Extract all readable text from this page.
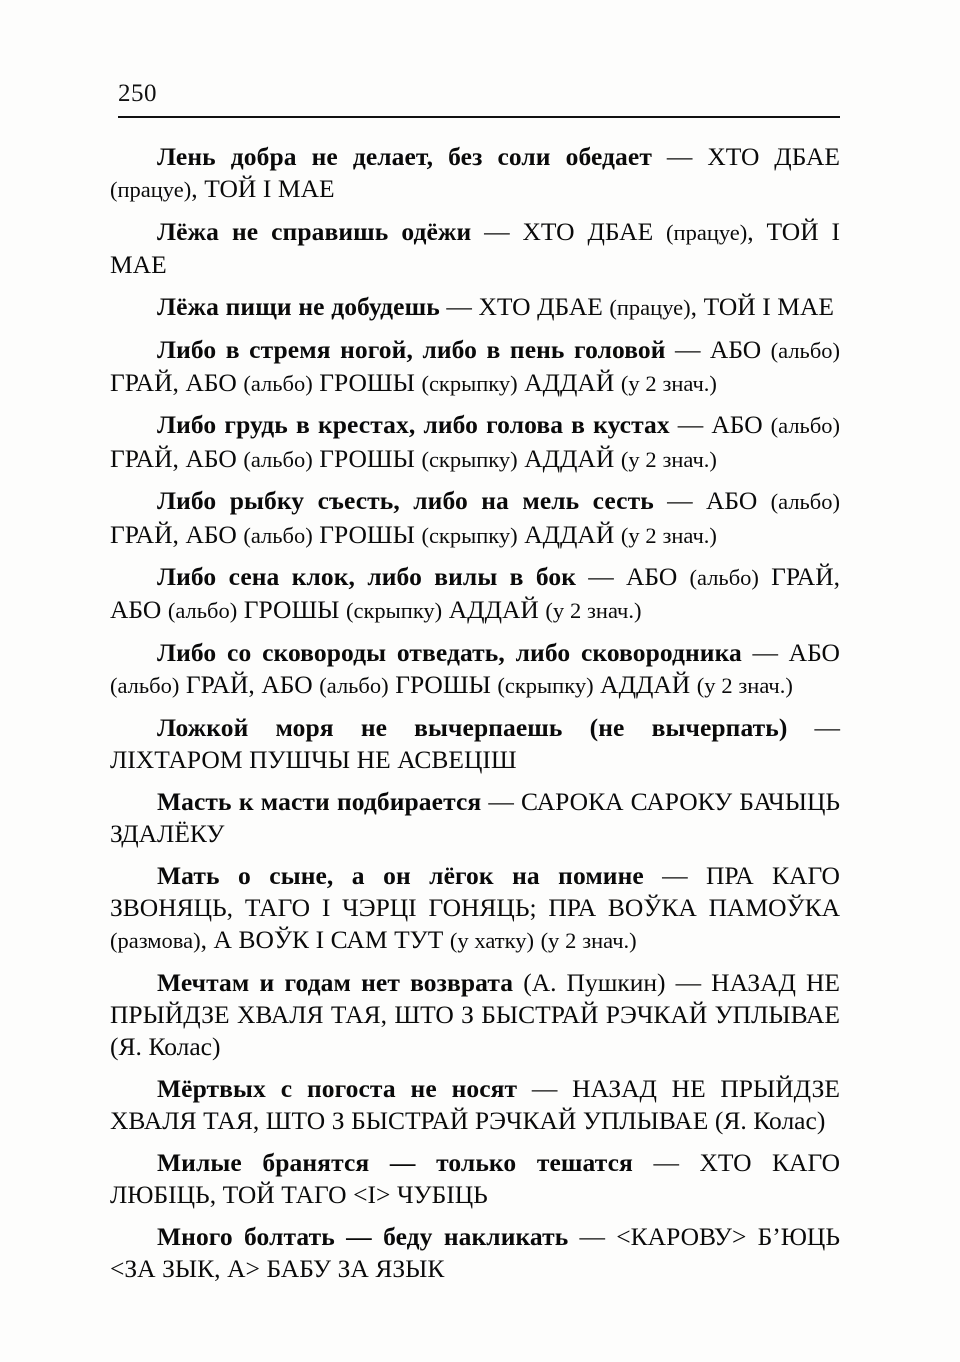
250

Лень добра не делает, без соли обедает — ХТО ДБАЕ (працуе), ТОЙ І МАЕ

Лёжа не справишь одёжи — ХТО ДБАЕ (працуе), ТОЙ І МАЕ

Лёжа пищи не добудешь — ХТО ДБАЕ (працуе), ТОЙ І МАЕ

Либо в стремя ногой, либо в пень головой — АБО (альбо) ГРАЙ, АБО (альбо) ГРОШЫ (скрыпку) АДДАЙ (у 2 знач.)

Либо грудь в крестах, либо голова в кустах — АБО (альбо) ГРАЙ, АБО (альбо) ГРОШЫ (скрыпку) АДДАЙ (у 2 знач.)

Либо рыбку съесть, либо на мель сесть — АБО (альбо) ГРАЙ, АБО (альбо) ГРОШЫ (скрыпку) АДДАЙ (у 2 знач.)

Либо сена клок, либо вилы в бок — АБО (альбо) ГРАЙ, АБО (альбо) ГРОШЫ (скрыпку) АДДАЙ (у 2 знач.)

Либо со сковороды отведать, либо сковородника — АБО (альбо) ГРАЙ, АБО (альбо) ГРОШЫ (скрыпку) АДДАЙ (у 2 знач.)

Ложкой моря не вычерпаешь (не вычерпать) — ЛІХТАРОМ ПУШЧЫ НЕ АСВЕЦІШ

Масть к масти подбирается — САРОКА САРОКУ БАЧЫЦЬ ЗДАЛЁКУ

Мать о сыне, а он лёгок на помине — ПРА КАГО ЗВОНЯЦЬ, ТАГО І ЧЭРЦІ ГОНЯЦЬ; ПРА ВОЎКА ПАМОЎКА (размова), А ВОЎК І САМ ТУТ (у хатку) (у 2 знач.)

Мечтам и годам нет возврата (А. Пушкин) — НАЗАД НЕ ПРЫЙДЗЕ ХВАЛЯ ТАЯ, ШТО З БЫСТРАЙ РЭЧКАЙ УПЛЫВАЕ (Я. Колас)

Мёртвых с погоста не носят — НАЗАД НЕ ПРЫЙДЗЕ ХВАЛЯ ТАЯ, ШТО З БЫСТРАЙ РЭЧКАЙ УПЛЫВАЕ (Я. Колас)

Милые бранятся — только тешатся — ХТО КАГО ЛЮБІЦЬ, ТОЙ ТАГО <І> ЧУБІЦЬ

Много болтать — беду накликать — <КАРОВУ> Б’ЮЦЬ <ЗА ЗЫК, А> БАБУ ЗА ЯЗЫК
